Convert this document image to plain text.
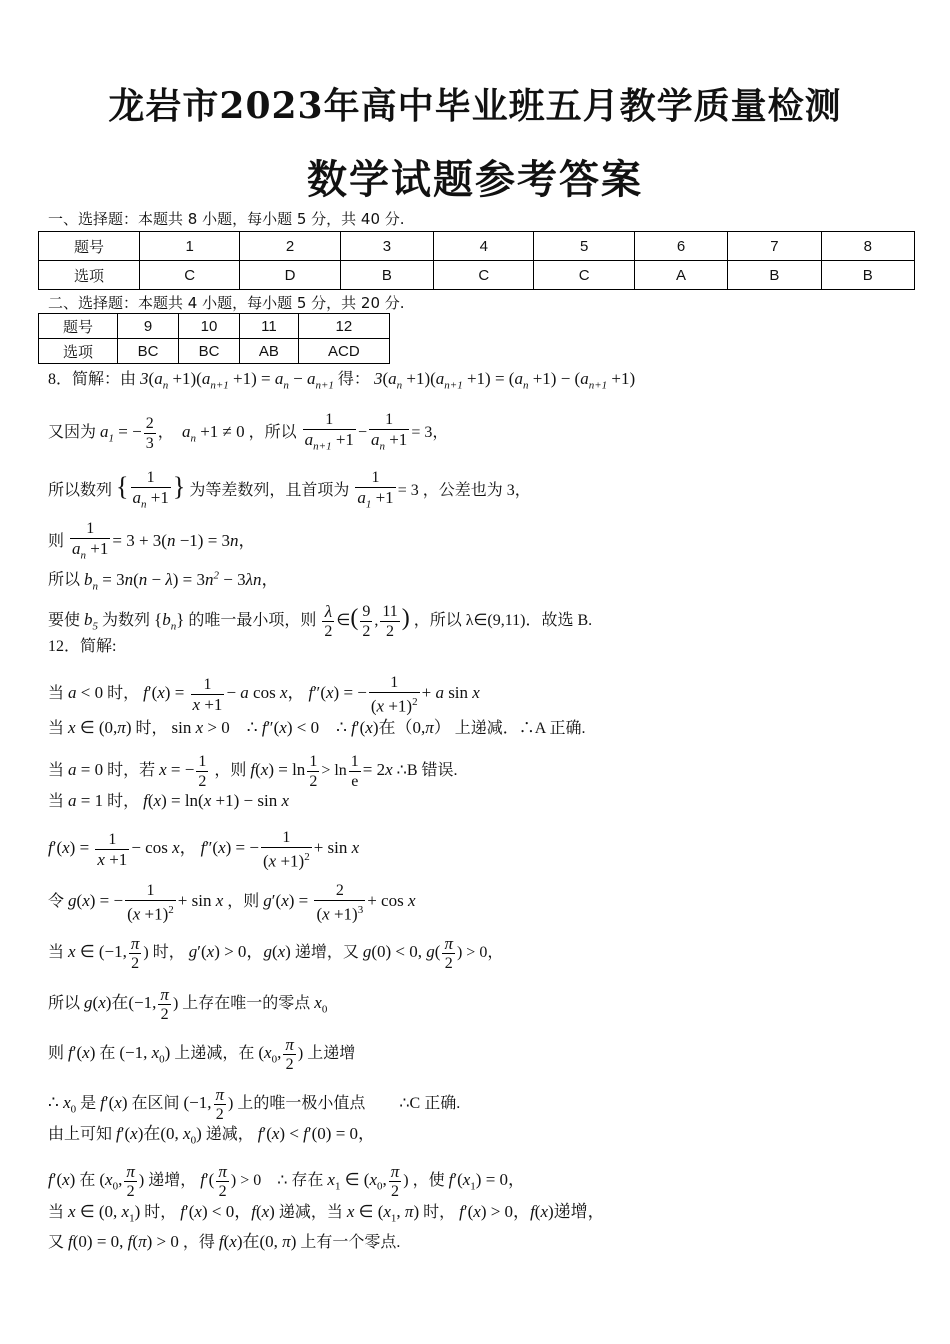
龙岩市2023年高中毕业班五月教学质量检测
数学试题参考答案
一、选择题：本题共 8 小题，每小题 5 分，共 40 分.
题号	1	2	3	4	5	6	7	8
选项	C	D	B	C	C	A	B	B
二、选择题：本题共 4 小题，每小题 5 分，共 20 分.
题号	9	10	11	12
选项	BC	BC	AB	ACD
8．简解：由 $3(a_n +1)(a_{n+1} +1) = a_n - a_{n+1}$ 得： $3(a_n +1)(a_{n+1} +1) = (a_n +1) - (a_{n+1} +1)$
又因为 $a_1$ = − $\frac{2}{3}$ ，  $a_n +1 \ne 0$ ，所以 $\frac{1}{a_{n+1} +1} - \frac{1}{a_n +1} = 3$，
所以数列 { $\frac{1}{a_n +1}$ } 为等差数列，且首项为 $\frac{1}{a_1 +1} = 3$ ，公差也为 3，
则 $\frac{1}{a_n +1} = 3 + 3(n -1) = 3n$，
所以 $b_n = 3n(n - \lambda) = 3n^2 - 3\lambda n$，
要使 $b_5$ 为数列 $\{b_n\}$ 的唯一最小项，则 $\frac{\lambda}{2}$ ∈( $\frac{9}{2}$ , $\frac{11}{2}$ ) ，所以 λ∈(9,11)．故选 B.
12．简解:
当 a < 0 时， $f'(x) = \frac{1}{x +1} - a$ cos x， f″(x) = − $\frac{1}{(x +1)^2} + a$ sin x
当 x ∈ (0,π) 时， sin x > 0    ∴ f″(x) < 0    ∴ f′(x)在（0,π） 上递减．∴A 正确.
当 a = 0 时，若 x = − $\frac{1}{2}$ ，则 $f(x) = \ln \frac{1}{2} > \ln \frac{1}{e} = 2x$ ∴B 错误.
当 a = 1 时， f(x) = ln(x +1) − sin x
$f'(x) = \frac{1}{x +1} - \cos x$， f″(x) = − $\frac{1}{(x +1)^2} + \sin x$
令 g(x) = − $\frac{1}{(x +1)^2} + \sin x$ ，则 $g'(x) = \frac{2}{(x +1)^3} + \cos x$
当 x ∈ (−1, $\frac{\pi}{2}$ ) 时， g′(x) > 0，g(x) 递增，又 g(0) < 0, $g( \frac{\pi}{2}$ ) > 0，
所以 g(x)在(−1, $\frac{\pi}{2}$ ) 上存在唯一的零点 $x_0$
则 f′(x) 在 (−1, $x_0$) 上递减，在 ($x_0$, $\frac{\pi}{2}$ ) 上递增
∴ $x_0$ 是 f′(x) 在区间 (−1, $\frac{\pi}{2}$ ) 上的唯一极小值点 ∴C 正确.
由上可知 f′(x)在(0, $x_0$) 递减， f′(x) < f′(0) = 0，
f′(x) 在 ($x_0$, $\frac{\pi}{2}$ ) 递增， $f'( \frac{\pi}{2}$ ) > 0    ∴ 存在 $x_1$ ∈ ($x_0$, $\frac{\pi}{2}$ ) ，使 $f'(x_1) = 0$，
当 x ∈ (0, $x_1$) 时， f′(x) < 0，f(x) 递减，当 x ∈ ($x_1$, π) 时， f′(x) > 0，f(x)递增，
又 f(0) = 0, f(π) > 0 ，得 f(x)在(0, π) 上有一个零点.
